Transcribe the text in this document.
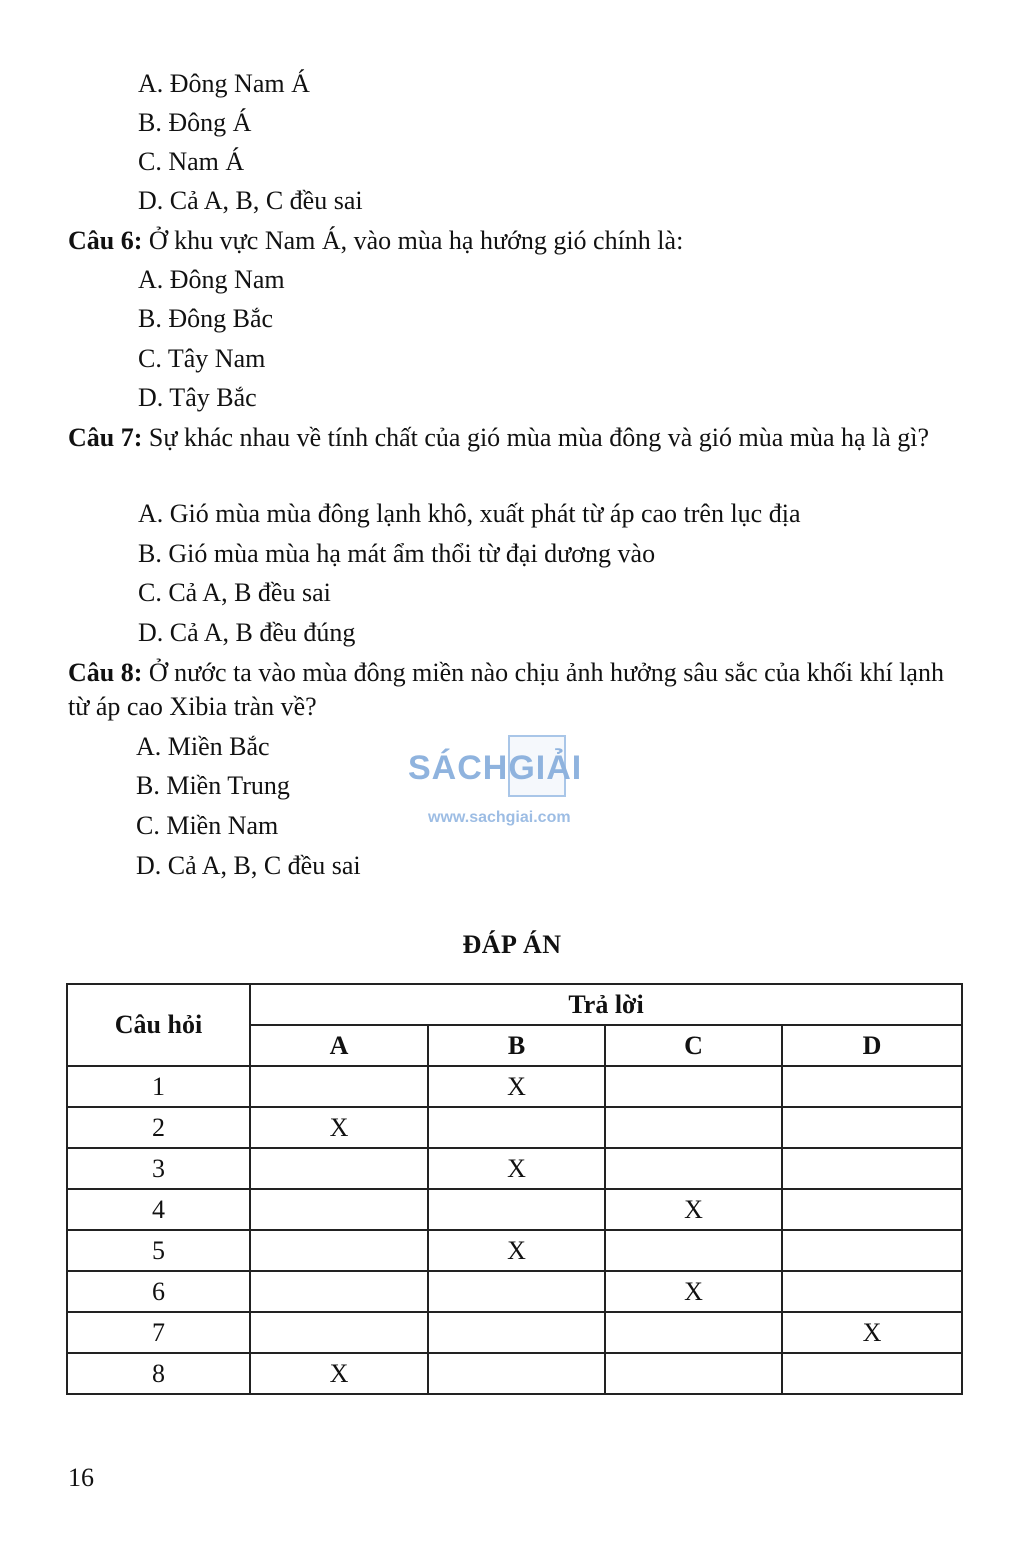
A. Đông Nam Á
B. Đông Á
C. Nam Á
D. Cả A, B, C đều sai
Câu 6: Ở khu vực Nam Á, vào mùa hạ hướng gió chính là:
A. Đông Nam
B. Đông Bắc
C. Tây Nam
D. Tây Bắc
Câu 7: Sự khác nhau về tính chất của gió mùa mùa đông và gió mùa mùa hạ là gì?
A. Gió mùa mùa đông lạnh khô, xuất phát từ áp cao trên lục địa
B. Gió mùa mùa hạ mát ẩm thổi từ đại dương vào
C. Cả A, B đều sai
D. Cả A, B đều đúng
Câu 8: Ở nước ta vào mùa đông miền nào chịu ảnh hưởng sâu sắc của khối khí lạnh từ áp cao Xibia tràn về?
A. Miền Bắc
B. Miền Trung
C. Miền Nam
D. Cả A, B, C đều sai
SÁCHGIẢI
www.sachgiai.com
ĐÁP ÁN
Câu hỏi	Trả lời			
	A	B	C	D
1		X		
2	X			
3		X		
4			X	
5		X		
6			X	
7				X
8	X			
16
